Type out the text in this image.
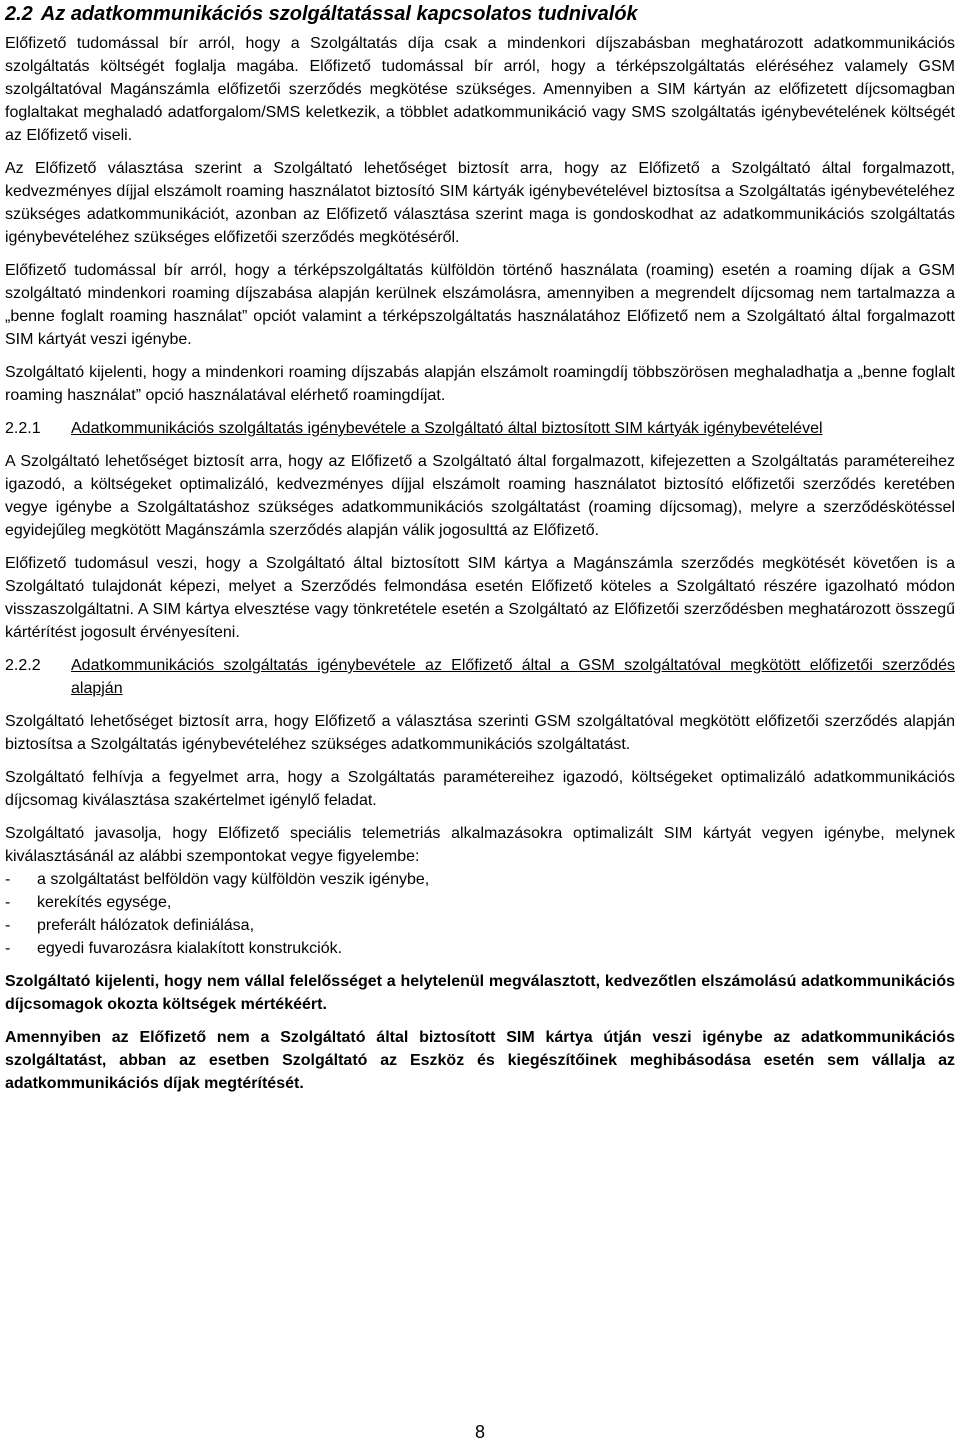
2.2 Az adatkommunikációs szolgáltatással kapcsolatos tudnivalók

Előfizető tudomással bír arról, hogy a Szolgáltatás díja csak a mindenkori díjszabásban meghatározott adatkommunikációs szolgáltatás költségét foglalja magába. Előfizető tudomással bír arról, hogy a térképszolgáltatás eléréséhez valamely GSM szolgáltatóval Magánszámla előfizetői szerződés megkötése szükséges. Amennyiben a SIM kártyán az előfizetett díjcsomagban foglaltakat meghaladó adatforgalom/SMS keletkezik, a többlet adatkommunikáció vagy SMS szolgáltatás igénybevételének költségét az Előfizető viseli.

Az Előfizető választása szerint a Szolgáltató lehetőséget biztosít arra, hogy az Előfizető a Szolgáltató által forgalmazott, kedvezményes díjjal elszámolt roaming használatot biztosító SIM kártyák igénybevételével biztosítsa a Szolgáltatás igénybevételéhez szükséges adatkommunikációt, azonban az Előfizető választása szerint maga is gondoskodhat az adatkommunikációs szolgáltatás igénybevételéhez szükséges előfizetői szerződés megkötéséről.

Előfizető tudomással bír arról, hogy a térképszolgáltatás külföldön történő használata (roaming) esetén a roaming díjak a GSM szolgáltató mindenkori roaming díjszabása alapján kerülnek elszámolásra, amennyiben a megrendelt díjcsomag nem tartalmazza a „benne foglalt roaming használat” opciót valamint a térképszolgáltatás használatához Előfizető nem a Szolgáltató által forgalmazott SIM kártyát veszi igénybe.

Szolgáltató kijelenti, hogy a mindenkori roaming díjszabás alapján elszámolt roamingdíj többszörösen meghaladhatja a „benne foglalt roaming használat” opció használatával elérhető roamingdíjat.

2.2.1	Adatkommunikációs szolgáltatás igénybevétele a Szolgáltató által biztosított SIM kártyák igénybevételével

A Szolgáltató lehetőséget biztosít arra, hogy az Előfizető a Szolgáltató által forgalmazott, kifejezetten a Szolgáltatás paramétereihez igazodó, a költségeket optimalizáló, kedvezményes díjjal elszámolt roaming használatot biztosító előfizetői szerződés keretében vegye igénybe a Szolgáltatáshoz szükséges adatkommunikációs szolgáltatást (roaming díjcsomag), melyre a szerződéskötéssel egyidejűleg megkötött Magánszámla szerződés alapján válik jogosulttá az Előfizető.

Előfizető tudomásul veszi, hogy a Szolgáltató által biztosított SIM kártya a Magánszámla szerződés megkötését követően is a Szolgáltató tulajdonát képezi, melyet a Szerződés felmondása esetén Előfizető köteles a Szolgáltató részére igazolható módon visszaszolgáltatni. A SIM kártya elvesztése vagy tönkretétele esetén a Szolgáltató az Előfizetői szerződésben meghatározott összegű kártérítést jogosult érvényesíteni.

2.2.2	Adatkommunikációs szolgáltatás igénybevétele az Előfizető által a GSM szolgáltatóval megkötött előfizetői szerződés alapján

Szolgáltató lehetőséget biztosít arra, hogy Előfizető a választása szerinti GSM szolgáltatóval megkötött előfizetői szerződés alapján biztosítsa a Szolgáltatás igénybevételéhez szükséges adatkommunikációs szolgáltatást.

Szolgáltató felhívja a fegyelmet arra, hogy a Szolgáltatás paramétereihez igazodó, költségeket optimalizáló adatkommunikációs díjcsomag kiválasztása szakértelmet igénylő feladat.

Szolgáltató javasolja, hogy Előfizető speciális telemetriás alkalmazásokra optimalizált SIM kártyát vegyen igénybe, melynek kiválasztásánál az alábbi szempontokat vegye figyelembe:

-	a szolgáltatást belföldön vagy külföldön veszik igénybe,
-	kerekítés egysége,
-	preferált hálózatok definiálása,
-	egyedi fuvarozásra kialakított konstrukciók.

Szolgáltató kijelenti, hogy nem vállal felelősséget a helytelenül megválasztott, kedvezőtlen elszámolású adatkommunikációs díjcsomagok okozta költségek mértékéért.

Amennyiben az Előfizető nem a Szolgáltató által biztosított SIM kártya útján veszi igénybe az adatkommunikációs szolgáltatást, abban az esetben Szolgáltató az Eszköz és kiegészítőinek meghibásodása esetén sem vállalja az adatkommunikációs díjak megtérítését.

8
